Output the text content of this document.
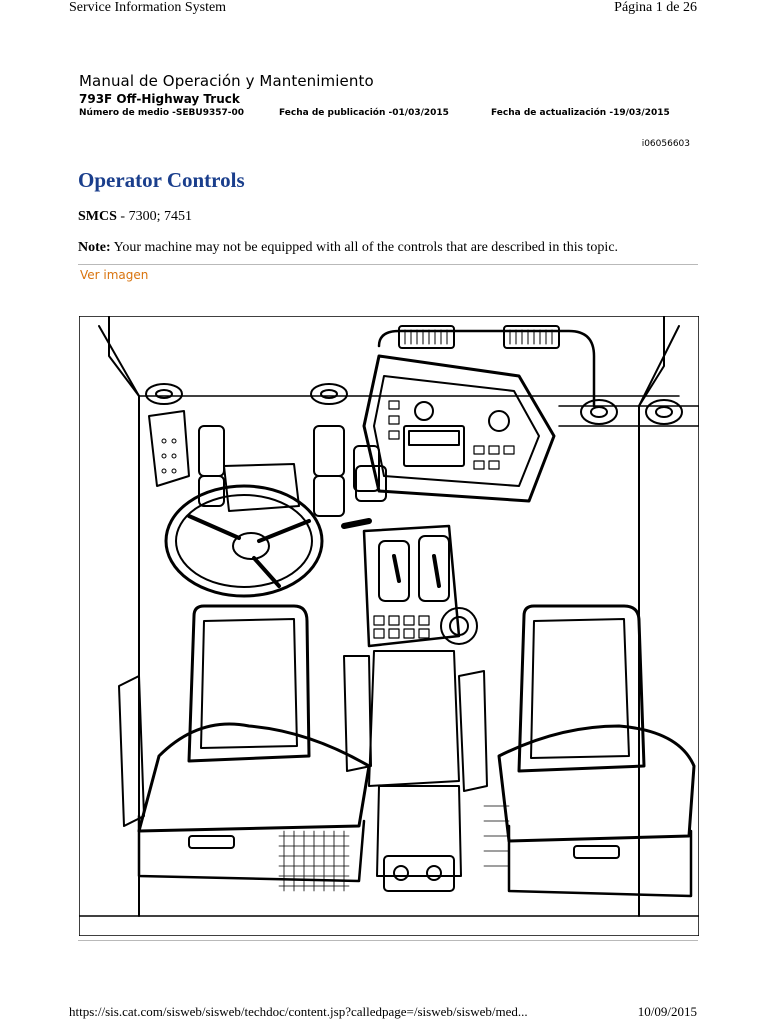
Service Information System	Página 1 de 26
Manual de Operación y Mantenimiento
793F Off-Highway Truck
Número de medio -SEBU9357-00	Fecha de publicación -01/03/2015	Fecha de actualización -19/03/2015
i06056603
Operator Controls
SMCS - 7300; 7451
Note: Your machine may not be equipped with all of the controls that are described in this topic.
Ver imagen
https://sis.cat.com/sisweb/sisweb/techdoc/content.jsp?calledpage=/sisweb/sisweb/med...	10/09/2015
